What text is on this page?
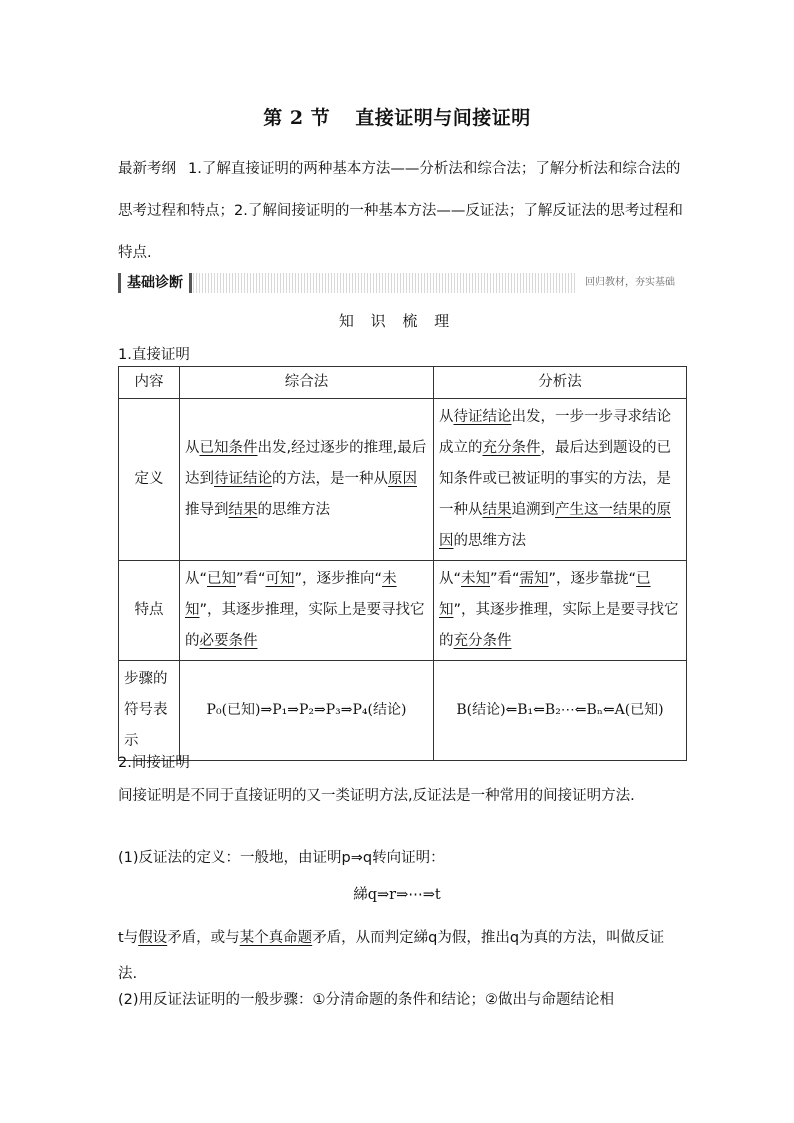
第 2 节 直接证明与间接证明
最新考纲 1.了解直接证明的两种基本方法——分析法和综合法；了解分析法和综合法的思考过程和特点；2.了解间接证明的一种基本方法——反证法；了解反证法的思考过程和特点.
基础诊断	回归教材，夯实基础
知 识 梳 理
1.直接证明
内容	综合法	分析法
定义	从已知条件出发,经过逐步的推理,最后达到待证结论的方法，是一种从原因推导到结果的思维方法	从待证结论出发，一步一步寻求结论成立的充分条件，最后达到题设的已知条件或已被证明的事实的方法，是一种从结果追溯到产生这一结果的原因的思维方法
特点	从“已知”看“可知”，逐步推向“未知”，其逐步推理，实际上是要寻找它的必要条件	从“未知”看“需知”，逐步靠拢“已知”，其逐步推理，实际上是要寻找它的充分条件
步骤的符号表示	P₀(已知)⇒P₁⇒P₂⇒P₃⇒P₄(结论)	B(结论)⇐B₁⇐B₂⋯⇐Bₙ⇐A(已知)
2.间接证明
间接证明是不同于直接证明的又一类证明方法,反证法是一种常用的间接证明方法.
(1)反证法的定义：一般地，由证明p⇒q转向证明：
綈q⇒r⇒⋯⇒t
t与假设矛盾，或与某个真命题矛盾，从而判定綈q为假，推出q为真的方法，叫做反证法.
(2)用反证法证明的一般步骤：①分清命题的条件和结论；②做出与命题结论相
